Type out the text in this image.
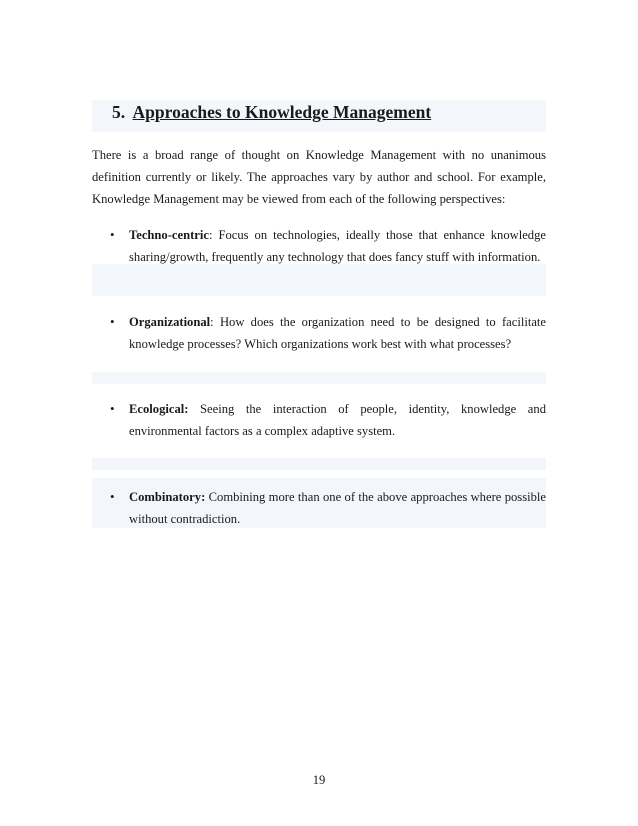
5. Approaches to Knowledge Management
There is a broad range of thought on Knowledge Management with no unanimous
definition currently or likely. The approaches vary by author and school. For example,
Knowledge Management may be viewed from each of the following perspectives:
•	Techno-centric: Focus on technologies, ideally those that enhance knowledge
sharing/growth, frequently any technology that does fancy stuff with information.
•	Organizational: How does the organization need to be designed to facilitate
knowledge processes? Which organizations work best with what processes?
•	Ecological: Seeing the interaction of people, identity, knowledge and
environmental factors as a complex adaptive system.
•	Combinatory: Combining more than one of the above approaches where possible
without contradiction.
19
